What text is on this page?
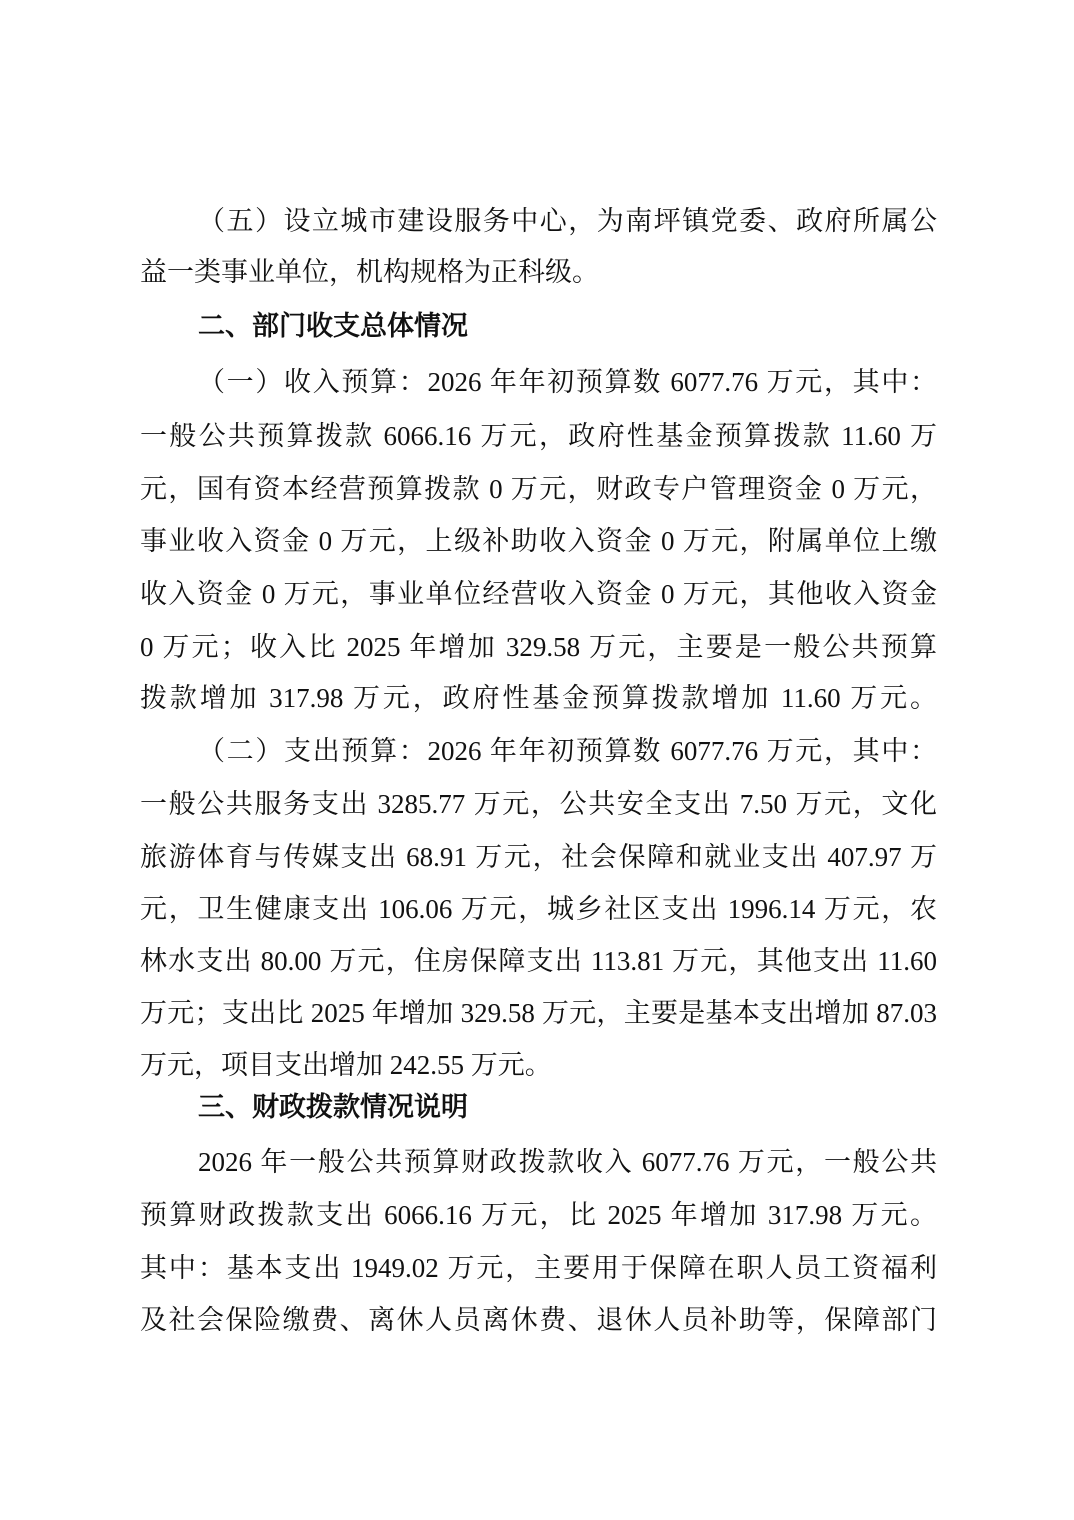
（五）设立城市建设服务中心，为南坪镇党委、政府所属公
益一类事业单位，机构规格为正科级。
二、部门收支总体情况
（一）收入预算：2026 年年初预算数 6077.76 万元，其中：
一般公共预算拨款 6066.16 万元，政府性基金预算拨款 11.60 万
元，国有资本经营预算拨款 0 万元，财政专户管理资金 0 万元，
事业收入资金 0 万元，上级补助收入资金 0 万元，附属单位上缴
收入资金 0 万元，事业单位经营收入资金 0 万元，其他收入资金
0 万元；收入比 2025 年增加 329.58 万元，主要是一般公共预算
拨款增加 317.98 万元，政府性基金预算拨款增加 11.60 万元。
（二）支出预算：2026 年年初预算数 6077.76 万元，其中：
一般公共服务支出 3285.77 万元，公共安全支出 7.50 万元，文化
旅游体育与传媒支出 68.91 万元，社会保障和就业支出 407.97 万
元，卫生健康支出 106.06 万元，城乡社区支出 1996.14 万元，农
林水支出 80.00 万元，住房保障支出 113.81 万元，其他支出 11.60
万元；支出比 2025 年增加 329.58 万元，主要是基本支出增加 87.03
万元，项目支出增加 242.55 万元。
三、财政拨款情况说明
2026 年一般公共预算财政拨款收入 6077.76 万元，一般公共
预算财政拨款支出 6066.16 万元，比 2025 年增加 317.98 万元。
其中：基本支出 1949.02 万元，主要用于保障在职人员工资福利
及社会保险缴费、离休人员离休费、退休人员补助等，保障部门
